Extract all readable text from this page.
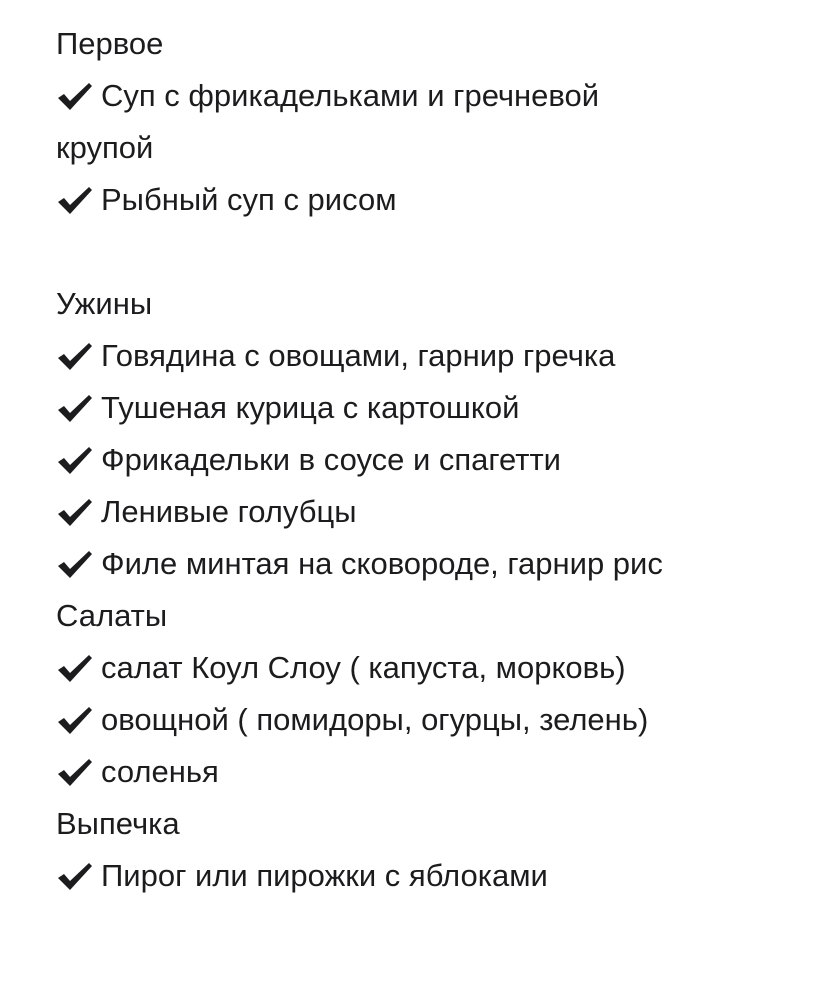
Первое
Суп с фрикадельками и гречневой
крупой
Рыбный суп с рисом
Ужины
Говядина с овощами, гарнир гречка
Тушеная курица с картошкой
Фрикадельки в соусе и спагетти
Ленивые голубцы
Филе минтая на сковороде, гарнир рис
Салаты
салат Коул Слоу ( капуста, морковь)
овощной ( помидоры, огурцы, зелень)
соленья
Выпечка
Пирог или пирожки с яблоками
